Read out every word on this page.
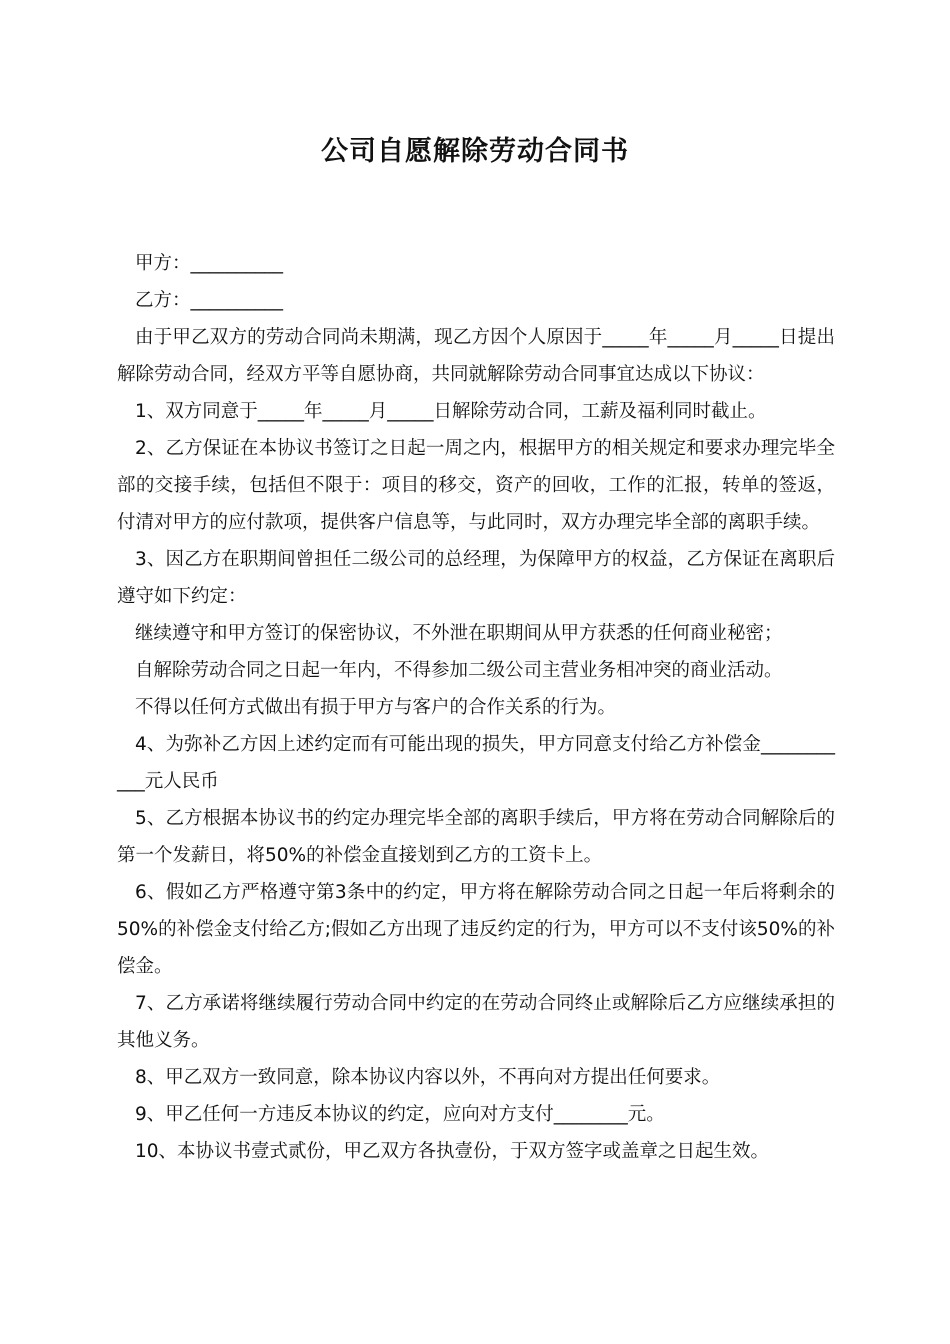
公司自愿解除劳动合同书

甲方：__________

乙方：__________

由于甲乙双方的劳动合同尚未期满，现乙方因个人原因于_____年_____月_____日提出解除劳动合同，经双方平等自愿协商，共同就解除劳动合同事宜达成以下协议：

1、双方同意于_____年_____月_____日解除劳动合同，工薪及福利同时截止。

2、乙方保证在本协议书签订之日起一周之内，根据甲方的相关规定和要求办理完毕全部的交接手续，包括但不限于：项目的移交，资产的回收，工作的汇报，转单的签返，付清对甲方的应付款项，提供客户信息等，与此同时，双方办理完毕全部的离职手续。

3、因乙方在职期间曾担任二级公司的总经理，为保障甲方的权益，乙方保证在离职后遵守如下约定：

继续遵守和甲方签订的保密协议，不外泄在职期间从甲方获悉的任何商业秘密；

自解除劳动合同之日起一年内，不得参加二级公司主营业务相冲突的商业活动。

不得以任何方式做出有损于甲方与客户的合作关系的行为。

4、为弥补乙方因上述约定而有可能出现的损失，甲方同意支付给乙方补偿金___________元人民币

5、乙方根据本协议书的约定办理完毕全部的离职手续后，甲方将在劳动合同解除后的第一个发薪日，将50%的补偿金直接划到乙方的工资卡上。

6、假如乙方严格遵守第3条中的约定，甲方将在解除劳动合同之日起一年后将剩余的50%的补偿金支付给乙方;假如乙方出现了违反约定的行为，甲方可以不支付该50%的补偿金。

7、乙方承诺将继续履行劳动合同中约定的在劳动合同终止或解除后乙方应继续承担的其他义务。

8、甲乙双方一致同意，除本协议内容以外，不再向对方提出任何要求。

9、甲乙任何一方违反本协议的约定，应向对方支付________元。

10、本协议书壹式贰份，甲乙双方各执壹份，于双方签字或盖章之日起生效。
